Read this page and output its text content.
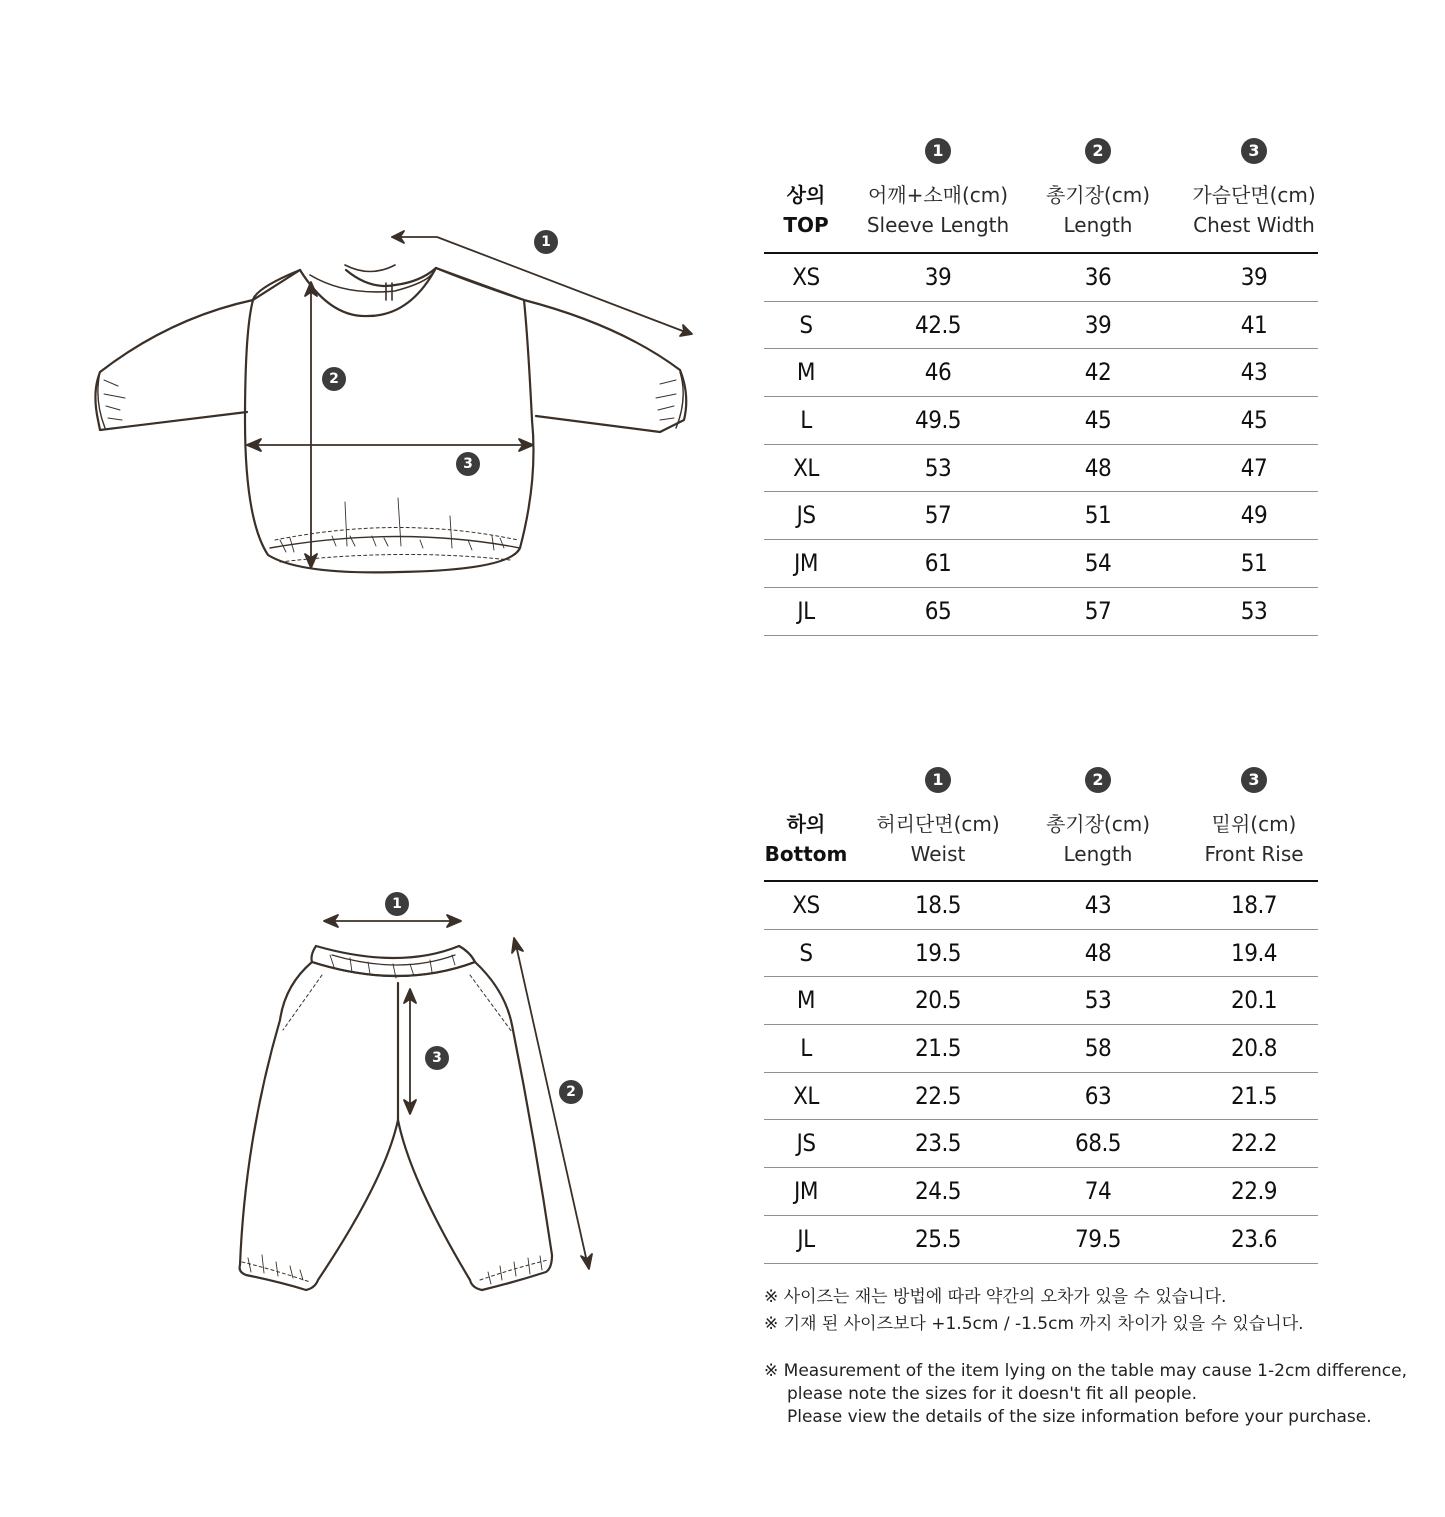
1
2
3
1	2	3
상의
TOP
어깨+소매(cm)
Sleeve Length
총기장(cm)
Length
가슴단면(cm)
Chest Width
XS	39	36	39
S	42.5	39	41
M	46	42	43
L	49.5	45	45
XL	53	48	47
JS	57	51	49
JM	61	54	51
JL	65	57	53
1
2
3
1	2	3
하의
Bottom
허리단면(cm)
Weist
총기장(cm)
Length
밑위(cm)
Front Rise
XS	18.5	43	18.7
S	19.5	48	19.4
M	20.5	53	20.1
L	21.5	58	20.8
XL	22.5	63	21.5
JS	23.5	68.5	22.2
JM	24.5	74	22.9
JL	25.5	79.5	23.6

※ 사이즈는 재는 방법에 따라 약간의 오차가 있을 수 있습니다.

※ 기재 된 사이즈보다 +1.5cm / -1.5cm 까지 차이가 있을 수 있습니다.

※ Measurement of the item lying on the table may cause 1-2cm difference,

please note the sizes for it doesn't fit all people.

Please view the details of the size information before your purchase.
